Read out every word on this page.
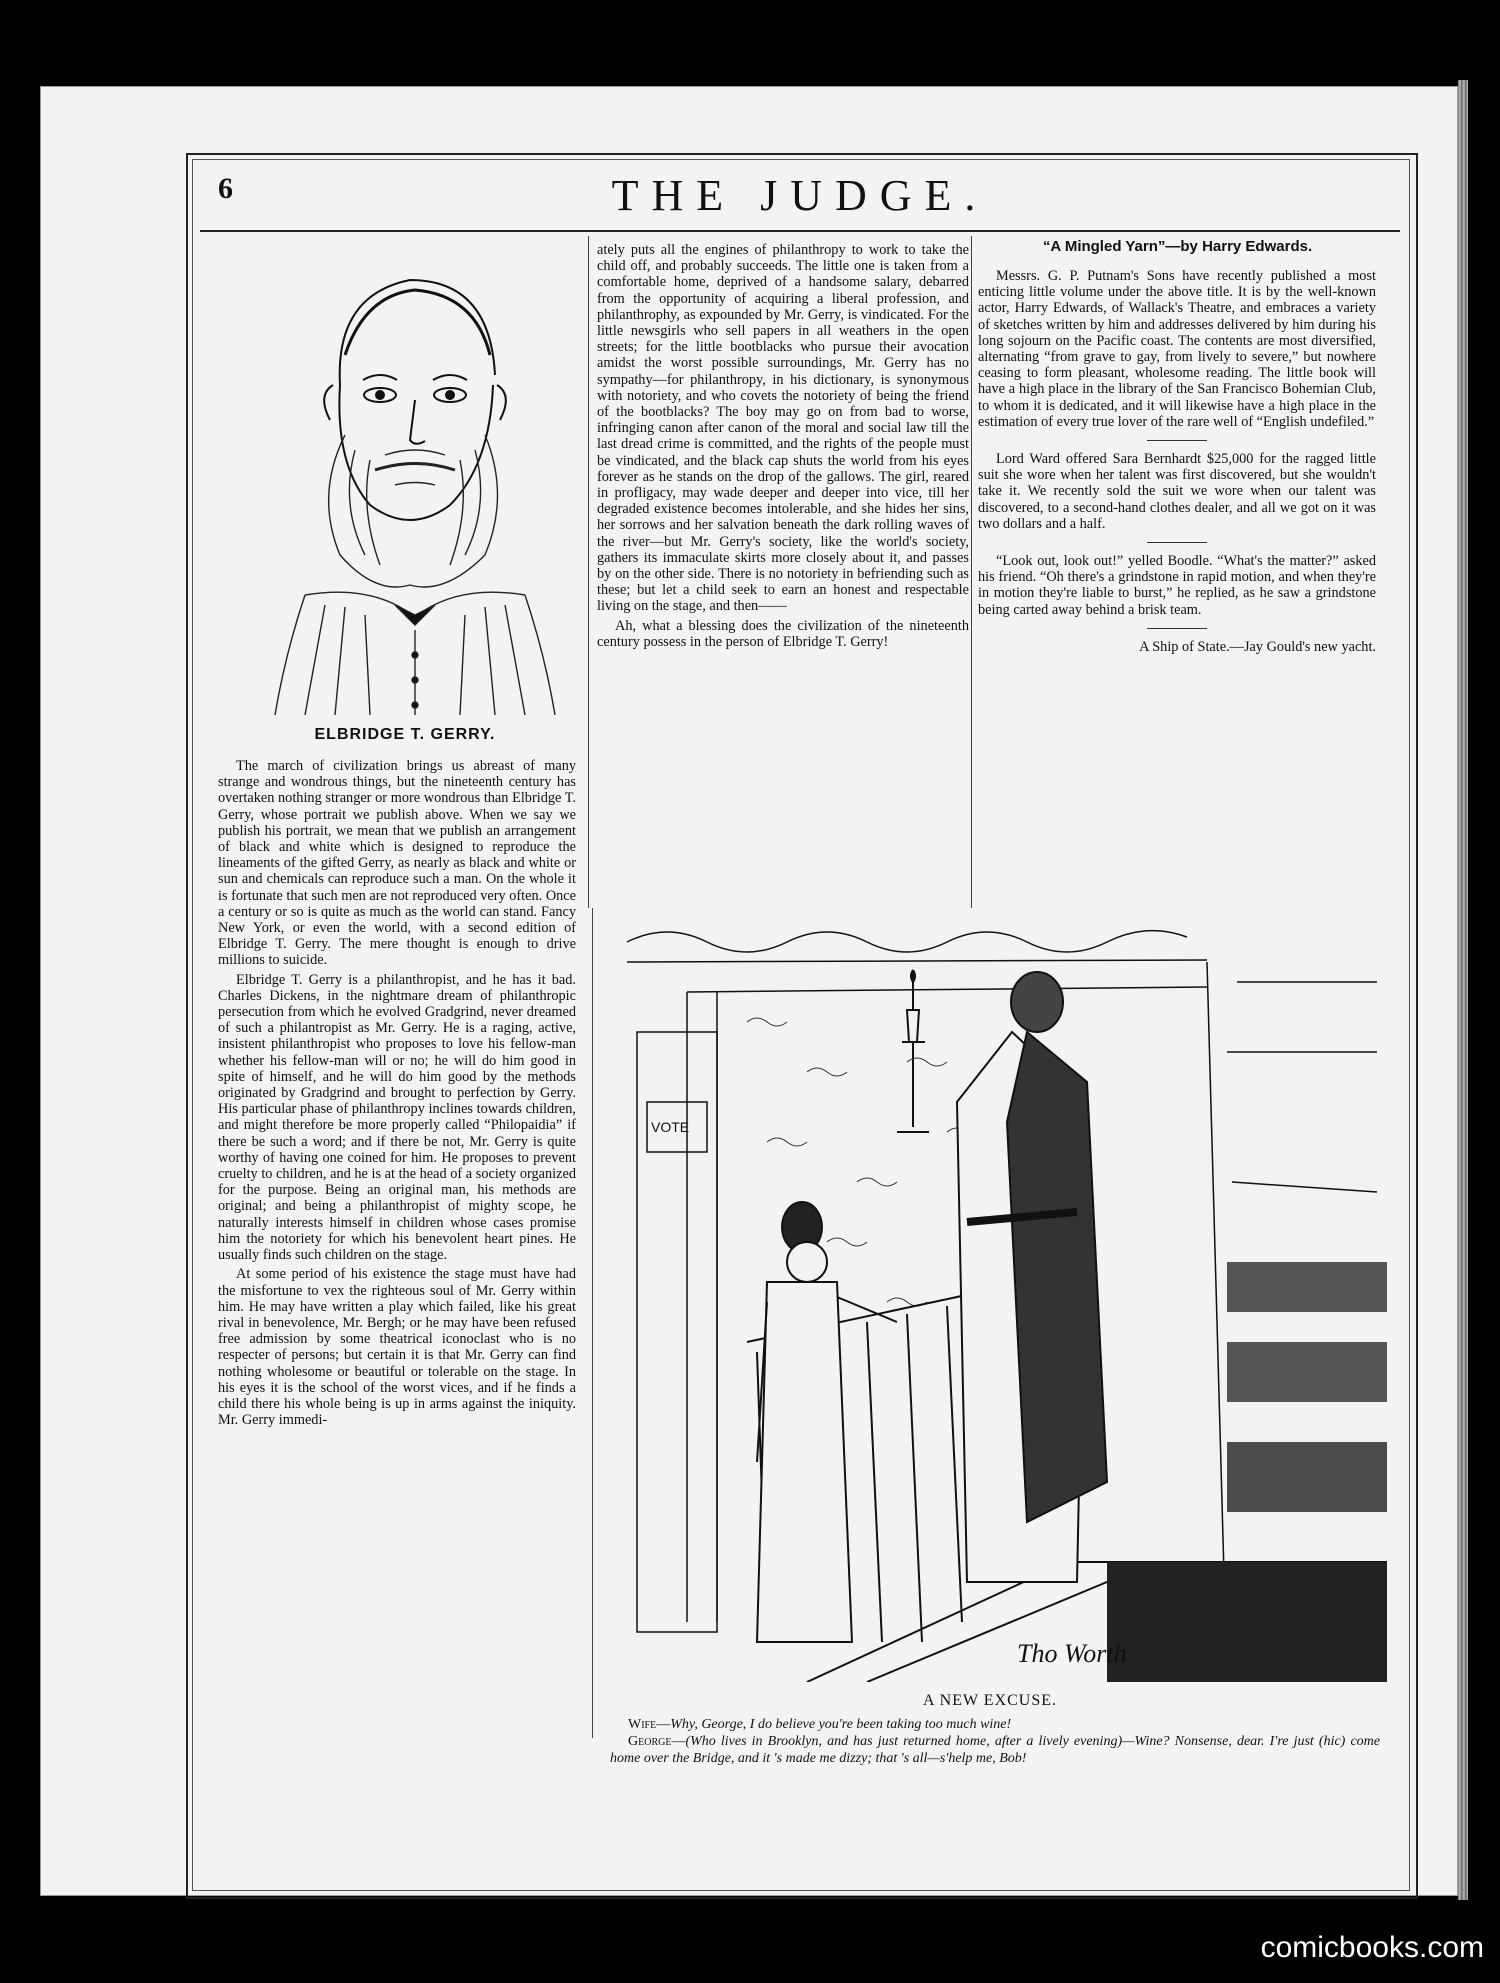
6	THE JUDGE.
ELBRIDGE T. GERRY.

The march of civilization brings us abreast of many strange and wondrous things, but the nineteenth century has overtaken nothing stranger or more wondrous than Elbridge T. Gerry, whose portrait we publish above. When we say we publish his portrait, we mean that we publish an arrangement of black and white which is designed to reproduce the lineaments of the gifted Gerry, as nearly as black and white or sun and chemicals can reproduce such a man. On the whole it is fortunate that such men are not reproduced very often. Once a century or so is quite as much as the world can stand. Fancy New York, or even the world, with a second edition of Elbridge T. Gerry. The mere thought is enough to drive millions to suicide.

Elbridge T. Gerry is a philanthropist, and he has it bad. Charles Dickens, in the nightmare dream of philanthropic persecution from which he evolved Gradgrind, never dreamed of such a philantropist as Mr. Gerry. He is a raging, active, insistent philanthropist who proposes to love his fellow-man whether his fellow-man will or no; he will do him good in spite of himself, and he will do him good by the methods originated by Gradgrind and brought to perfection by Gerry. His particular phase of philanthropy inclines towards children, and might therefore be more properly called “Philopaidia” if there be such a word; and if there be not, Mr. Gerry is quite worthy of having one coined for him. He proposes to prevent cruelty to children, and he is at the head of a society organized for the purpose. Being an original man, his methods are original; and being a philanthropist of mighty scope, he naturally interests himself in children whose cases promise him the notoriety for which his benevolent heart pines. He usually finds such children on the stage.

At some period of his existence the stage must have had the misfortune to vex the righteous soul of Mr. Gerry within him. He may have written a play which failed, like his great rival in benevolence, Mr. Bergh; or he may have been refused free admission by some theatrical iconoclast who is no respecter of persons; but certain it is that Mr. Gerry can find nothing wholesome or beautiful or tolerable on the stage. In his eyes it is the school of the worst vices, and if he finds a child there his whole being is up in arms against the iniquity. Mr. Gerry immedi-

ately puts all the engines of philanthropy to work to take the child off, and probably succeeds. The little one is taken from a comfortable home, deprived of a handsome salary, debarred from the opportunity of acquiring a liberal profession, and philanthrophy, as expounded by Mr. Gerry, is vindicated. For the little newsgirls who sell papers in all weathers in the open streets; for the little bootblacks who pursue their avocation amidst the worst possible surroundings, Mr. Gerry has no sympathy—for philanthropy, in his dictionary, is synonymous with notoriety, and who covets the notoriety of being the friend of the bootblacks? The boy may go on from bad to worse, infringing canon after canon of the moral and social law till the last dread crime is committed, and the rights of the people must be vindicated, and the black cap shuts the world from his eyes forever as he stands on the drop of the gallows. The girl, reared in profligacy, may wade deeper and deeper into vice, till her degraded existence becomes intolerable, and she hides her sins, her sorrows and her salvation beneath the dark rolling waves of the river—but Mr. Gerry's society, like the world's society, gathers its immaculate skirts more closely about it, and passes by on the other side. There is no notoriety in befriending such as these; but let a child seek to earn an honest and respectable living on the stage, and then——

Ah, what a blessing does the civilization of the nineteenth century possess in the person of Elbridge T. Gerry!

“A Mingled Yarn”—by Harry Edwards.

Messrs. G. P. Putnam's Sons have recently published a most enticing little volume under the above title. It is by the well-known actor, Harry Edwards, of Wallack's Theatre, and embraces a variety of sketches written by him and addresses delivered by him during his long sojourn on the Pacific coast. The contents are most diversified, alternating “from grave to gay, from lively to severe,” but nowhere ceasing to form pleasant, wholesome reading. The little book will have a high place in the library of the San Francisco Bohemian Club, to whom it is dedicated, and it will likewise have a high place in the estimation of every true lover of the rare well of “English undefiled.”

Lord Ward offered Sara Bernhardt $25,000 for the ragged little suit she wore when her talent was first discovered, but she wouldn't take it. We recently sold the suit we wore when our talent was discovered, to a second-hand clothes dealer, and all we got on it was two dollars and a half.

“Look out, look out!” yelled Boodle. “What's the matter?” asked his friend. “Oh there's a grindstone in rapid motion, and when they're in motion they're liable to burst,” he replied, as he saw a grindstone being carted away behind a brisk team.

A Ship of State.—Jay Gould's new yacht.

Tho Worth
VOTE
A NEW EXCUSE.

Wife—Why, George, I do believe you're been taking too much wine!

George—(Who lives in Brooklyn, and has just returned home, after a lively evening)—Wine? Nonsense, dear. I're just (hic) come home over the Bridge, and it 's made me dizzy; that 's all—s'help me, Bob!

comicbooks.com
